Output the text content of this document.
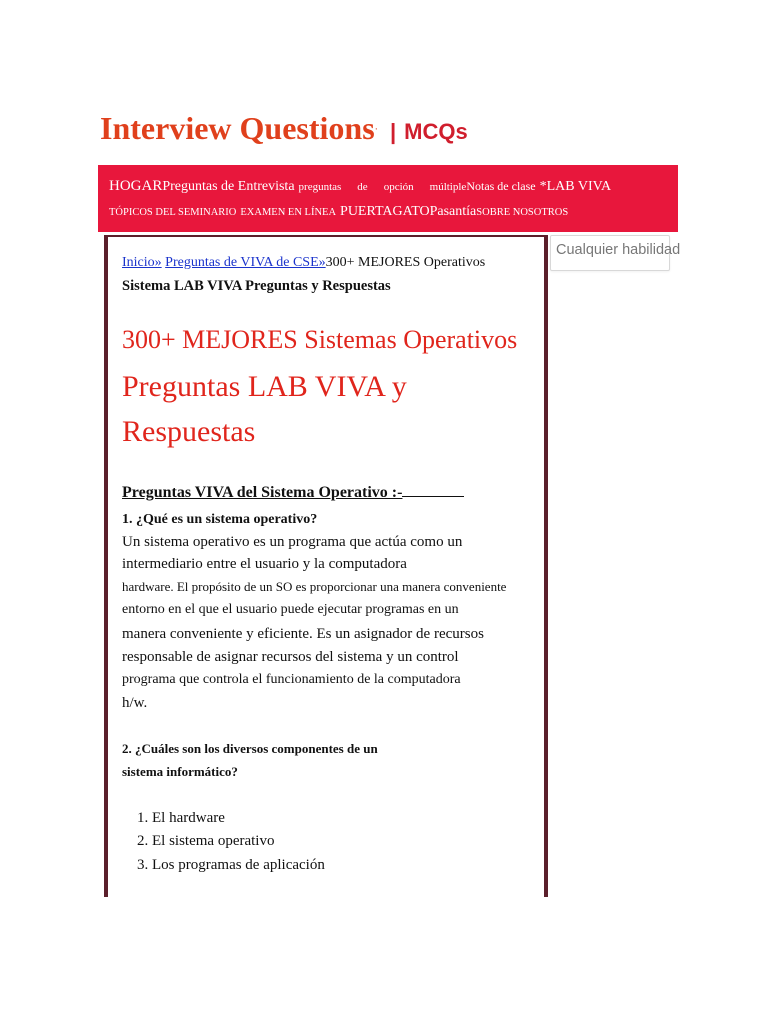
Interview Questions· | MCQs
HOGARPreguntas de Entrevista preguntas de opción múltipleNotas de clase *LAB VIVA
TÓPICOS DEL SEMINARIO EXAMEN EN LÍNEA PUERTAGATOPasantíaSOBRE NOSOTROS
Cualquier habilidad
Inicio» Preguntas de VIVA de CSE»300+ MEJORES Operativos
Sistema LAB VIVA Preguntas y Respuestas
300+ MEJORES Sistemas Operativos
Preguntas LAB VIVA y
Respuestas
Preguntas VIVA del Sistema Operativo :-
1. ¿Qué es un sistema operativo?
Un sistema operativo es un programa que actúa como un
intermediario entre el usuario y la computadora
hardware. El propósito de un SO es proporcionar una manera conveniente
entorno en el que el usuario puede ejecutar programas en un
manera conveniente y eficiente. Es un asignador de recursos
responsable de asignar recursos del sistema y un control
programa que controla el funcionamiento de la computadora
h/w.
2. ¿Cuáles son los diversos componentes de un
sistema informático?
1. El hardware
2. El sistema operativo
3. Los programas de aplicación
